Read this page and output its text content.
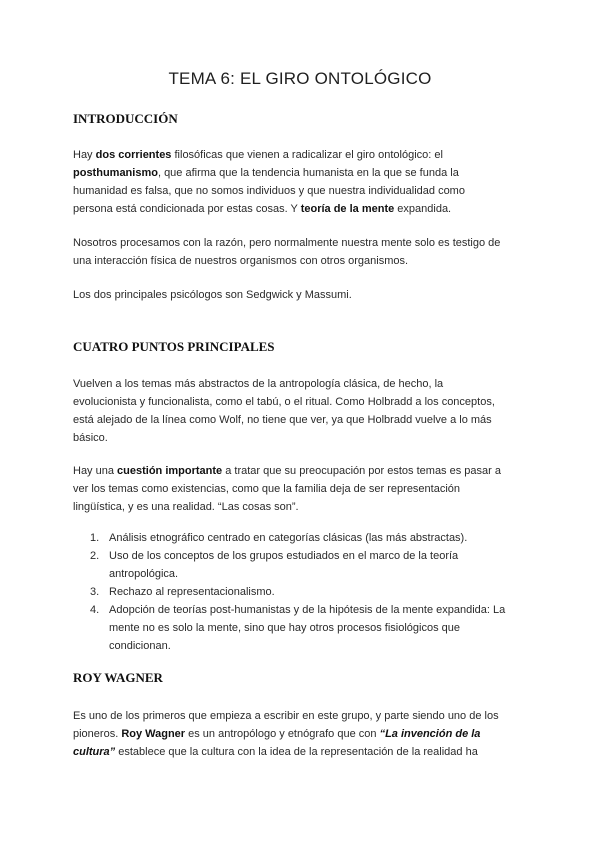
TEMA 6: EL GIRO ONTOLÓGICO
INTRODUCCIÓN

Hay dos corrientes filosóficas que vienen a radicalizar el giro ontológico: el
posthumanismo, que afirma que la tendencia humanista en la que se funda la
humanidad es falsa, que no somos individuos y que nuestra individualidad como
persona está condicionada por estas cosas. Y teoría de la mente expandida.

Nosotros procesamos con la razón, pero normalmente nuestra mente solo es testigo de
una interacción física de nuestros organismos con otros organismos.

Los dos principales psicólogos son Sedgwick y Massumi.

CUATRO PUNTOS PRINCIPALES

Vuelven a los temas más abstractos de la antropología clásica, de hecho, la
evolucionista y funcionalista, como el tabú, o el ritual. Como Holbradd a los conceptos,
está alejado de la línea como Wolf, no tiene que ver, ya que Holbradd vuelve a lo más
básico.

Hay una cuestión importante a tratar que su preocupación por estos temas es pasar a
ver los temas como existencias, como que la familia deja de ser representación
lingüística, y es una realidad. “Las cosas son”.

1. Análisis etnográfico centrado en categorías clásicas (las más abstractas).
2. Uso de los conceptos de los grupos estudiados en el marco de la teoría
antropológica.
3. Rechazo al representacionalismo.
4. Adopción de teorías post-humanistas y de la hipótesis de la mente expandida: La
mente no es solo la mente, sino que hay otros procesos fisiológicos que
condicionan.
ROY WAGNER

Es uno de los primeros que empieza a escribir en este grupo, y parte siendo uno de los
pioneros. Roy Wagner es un antropólogo y etnógrafo que con “La invención de la
cultura” establece que la cultura con la idea de la representación de la realidad ha
